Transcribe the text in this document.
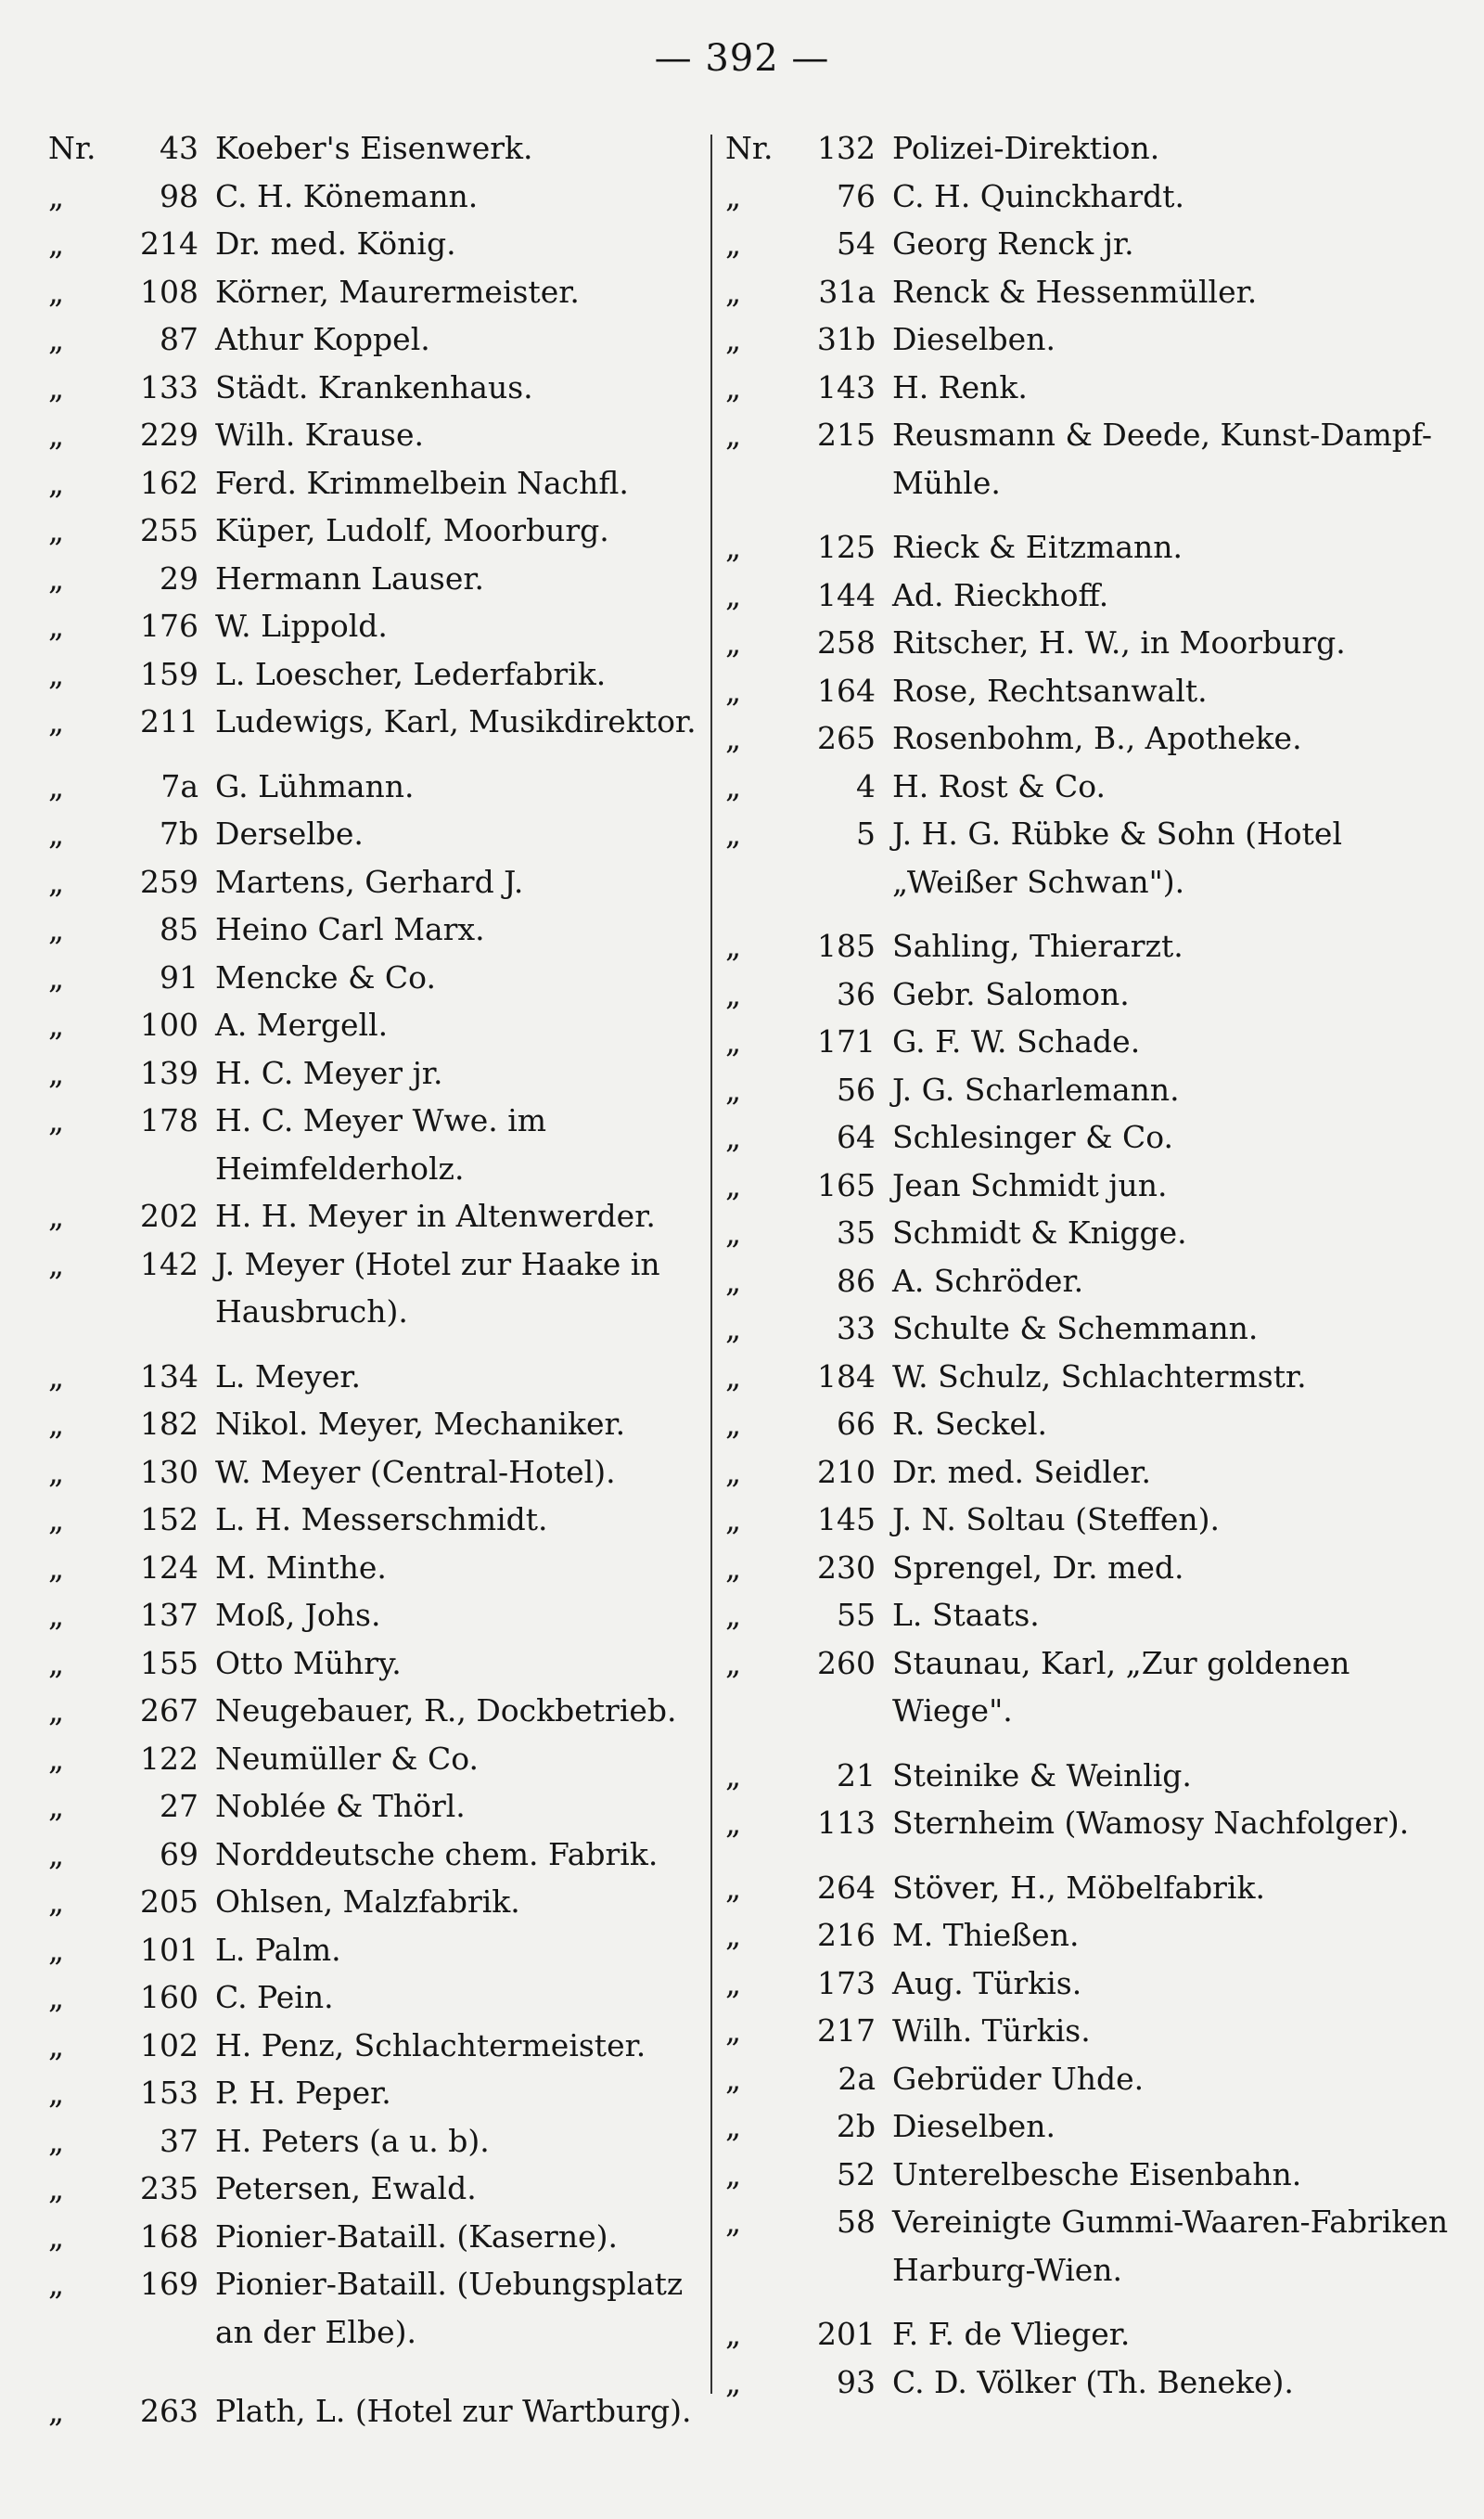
— 392 —
Nr.	43 Koeber's Eisenwerk.
„	98 C. H. Könemann.
„	214 Dr. med. König.
„	108 Körner, Maurermeister.
„	87 Athur Koppel.
„	133 Städt. Krankenhaus.
„	229 Wilh. Krause.
„	162 Ferd. Krimmelbein Nachfl.
„	255 Küper, Ludolf, Moorburg.
„	29 Hermann Lauser.
„	176 W. Lippold.
„	159 L. Loescher, Lederfabrik.
„	211 Ludewigs, Karl, Musikdirektor.
„	7a G. Lühmann.
„	7b Derselbe.
„	259 Martens, Gerhard J.
„	85 Heino Carl Marx.
„	91 Mencke & Co.
„	100 A. Mergell.
„	139 H. C. Meyer jr.
„	178 H. C. Meyer Wwe. im Heimfelderholz.
„	202 H. H. Meyer in Altenwerder.
„	142 J. Meyer (Hotel zur Haake in Hausbruch).
„	134 L. Meyer.
„	182 Nikol. Meyer, Mechaniker.
„	130 W. Meyer (Central-Hotel).
„	152 L. H. Messerschmidt.
„	124 M. Minthe.
„	137 Moß, Johs.
„	155 Otto Mühry.
„	267 Neugebauer, R., Dockbetrieb.
„	122 Neumüller & Co.
„	27 Noblée & Thörl.
„	69 Norddeutsche chem. Fabrik.
„	205 Ohlsen, Malzfabrik.
„	101 L. Palm.
„	160 C. Pein.
„	102 H. Penz, Schlachtermeister.
„	153 P. H. Peper.
„	37 H. Peters (a u. b).
„	235 Petersen, Ewald.
„	168 Pionier-Bataill. (Kaserne).
„	169 Pionier-Bataill. (Uebungsplatz an der Elbe).
„	263 Plath, L. (Hotel zur Wartburg).
Nr.	132 Polizei-Direktion.
„	76 C. H. Quinckhardt.
„	54 Georg Renck jr.
„	31a Renck & Hessenmüller.
„	31b Dieselben.
„	143 H. Renk.
„	215 Reusmann & Deede, Kunst-Dampf-Mühle.
„	125 Rieck & Eitzmann.
„	144 Ad. Rieckhoff.
„	258 Ritscher, H. W., in Moorburg.
„	164 Rose, Rechtsanwalt.
„	265 Rosenbohm, B., Apotheke.
„	4 H. Rost & Co.
„	5 J. H. G. Rübke & Sohn (Hotel „Weißer Schwan").
„	185 Sahling, Thierarzt.
„	36 Gebr. Salomon.
„	171 G. F. W. Schade.
„	56 J. G. Scharlemann.
„	64 Schlesinger & Co.
„	165 Jean Schmidt jun.
„	35 Schmidt & Knigge.
„	86 A. Schröder.
„	33 Schulte & Schemmann.
„	184 W. Schulz, Schlachtermstr.
„	66 R. Seckel.
„	210 Dr. med. Seidler.
„	145 J. N. Soltau (Steffen).
„	230 Sprengel, Dr. med.
„	55 L. Staats.
„	260 Staunau, Karl, „Zur goldenen Wiege".
„	21 Steinike & Weinlig.
„	113 Sternheim (Wamosy Nachfolger).
„	264 Stöver, H., Möbelfabrik.
„	216 M. Thießen.
„	173 Aug. Türkis.
„	217 Wilh. Türkis.
„	2a Gebrüder Uhde.
„	2b Dieselben.
„	52 Unterelbesche Eisenbahn.
„	58 Vereinigte Gummi-Waaren-Fabriken Harburg-Wien.
„	201 F. F. de Vlieger.
„	93 C. D. Völker (Th. Beneke).
